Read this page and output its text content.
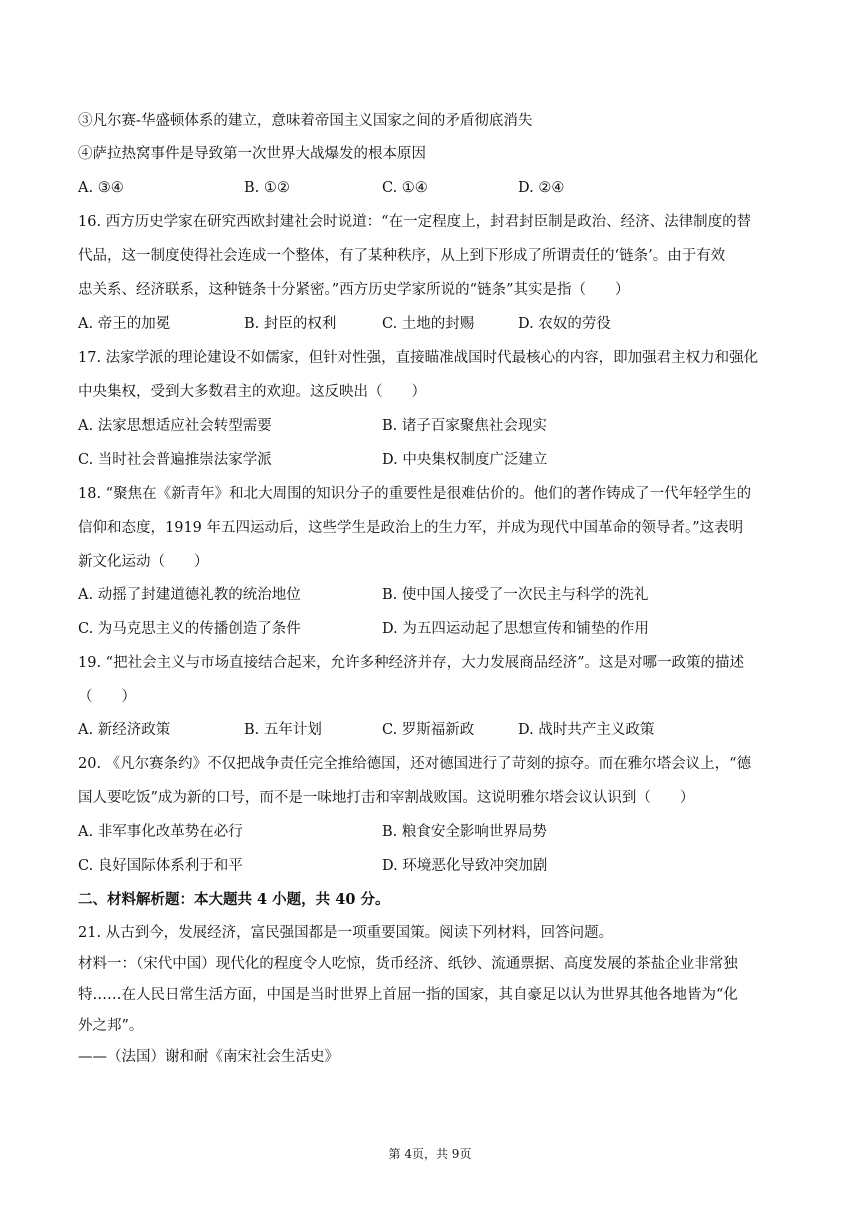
③凡尔赛-华盛顿体系的建立，意味着帝国主义国家之间的矛盾彻底消失
④萨拉热窝事件是导致第一次世界大战爆发的根本原因
A. ③④	B. ①②	C. ①④	D. ②④
16. 西方历史学家在研究西欧封建社会时说道：“在一定程度上，封君封臣制是政治、经济、法律制度的替
代品，这一制度使得社会连成一个整体，有了某种秩序，从上到下形成了所谓责任的‘链条’。由于有效
忠关系、经济联系，这种链条十分紧密。”西方历史学家所说的“链条”其实是指（　　）
A. 帝王的加冕	B. 封臣的权利	C. 土地的封赐	D. 农奴的劳役
17. 法家学派的理论建设不如儒家，但针对性强，直接瞄准战国时代最核心的内容，即加强君主权力和强化
中央集权，受到大多数君主的欢迎。这反映出（　　）
A. 法家思想适应社会转型需要	B. 诸子百家聚焦社会现实
C. 当时社会普遍推崇法家学派	D. 中央集权制度广泛建立
18. “聚焦在《新青年》和北大周围的知识分子的重要性是很难估价的。他们的著作铸成了一代年轻学生的
信仰和态度，1919 年五四运动后，这些学生是政治上的生力军，并成为现代中国革命的领导者。”这表明
新文化运动（　　）
A. 动摇了封建道德礼教的统治地位	B. 使中国人接受了一次民主与科学的洗礼
C. 为马克思主义的传播创造了条件	D. 为五四运动起了思想宣传和铺垫的作用
19. “把社会主义与市场直接结合起来，允许多种经济并存，大力发展商品经济”。这是对哪一政策的描述
（　　）
A. 新经济政策	B. 五年计划	C. 罗斯福新政	D. 战时共产主义政策
20. 《凡尔赛条约》不仅把战争责任完全推给德国，还对德国进行了苛刻的掠夺。而在雅尔塔会议上，“德
国人要吃饭”成为新的口号，而不是一味地打击和宰割战败国。这说明雅尔塔会议认识到（　　）
A. 非军事化改革势在必行	B. 粮食安全影响世界局势
C. 良好国际体系利于和平	D. 环境恶化导致冲突加剧
二、材料解析题：本大题共 4 小题，共 40 分。
21. 从古到今，发展经济，富民强国都是一项重要国策。阅读下列材料，回答问题。
材料一：（宋代中国）现代化的程度令人吃惊，货币经济、纸钞、流通票据、高度发展的茶盐企业非常独
特……在人民日常生活方面，中国是当时世界上首屈一指的国家，其自豪足以认为世界其他各地皆为“化
外之邦”。
——（法国）谢和耐《南宋社会生活史》
第 4页，共 9页
